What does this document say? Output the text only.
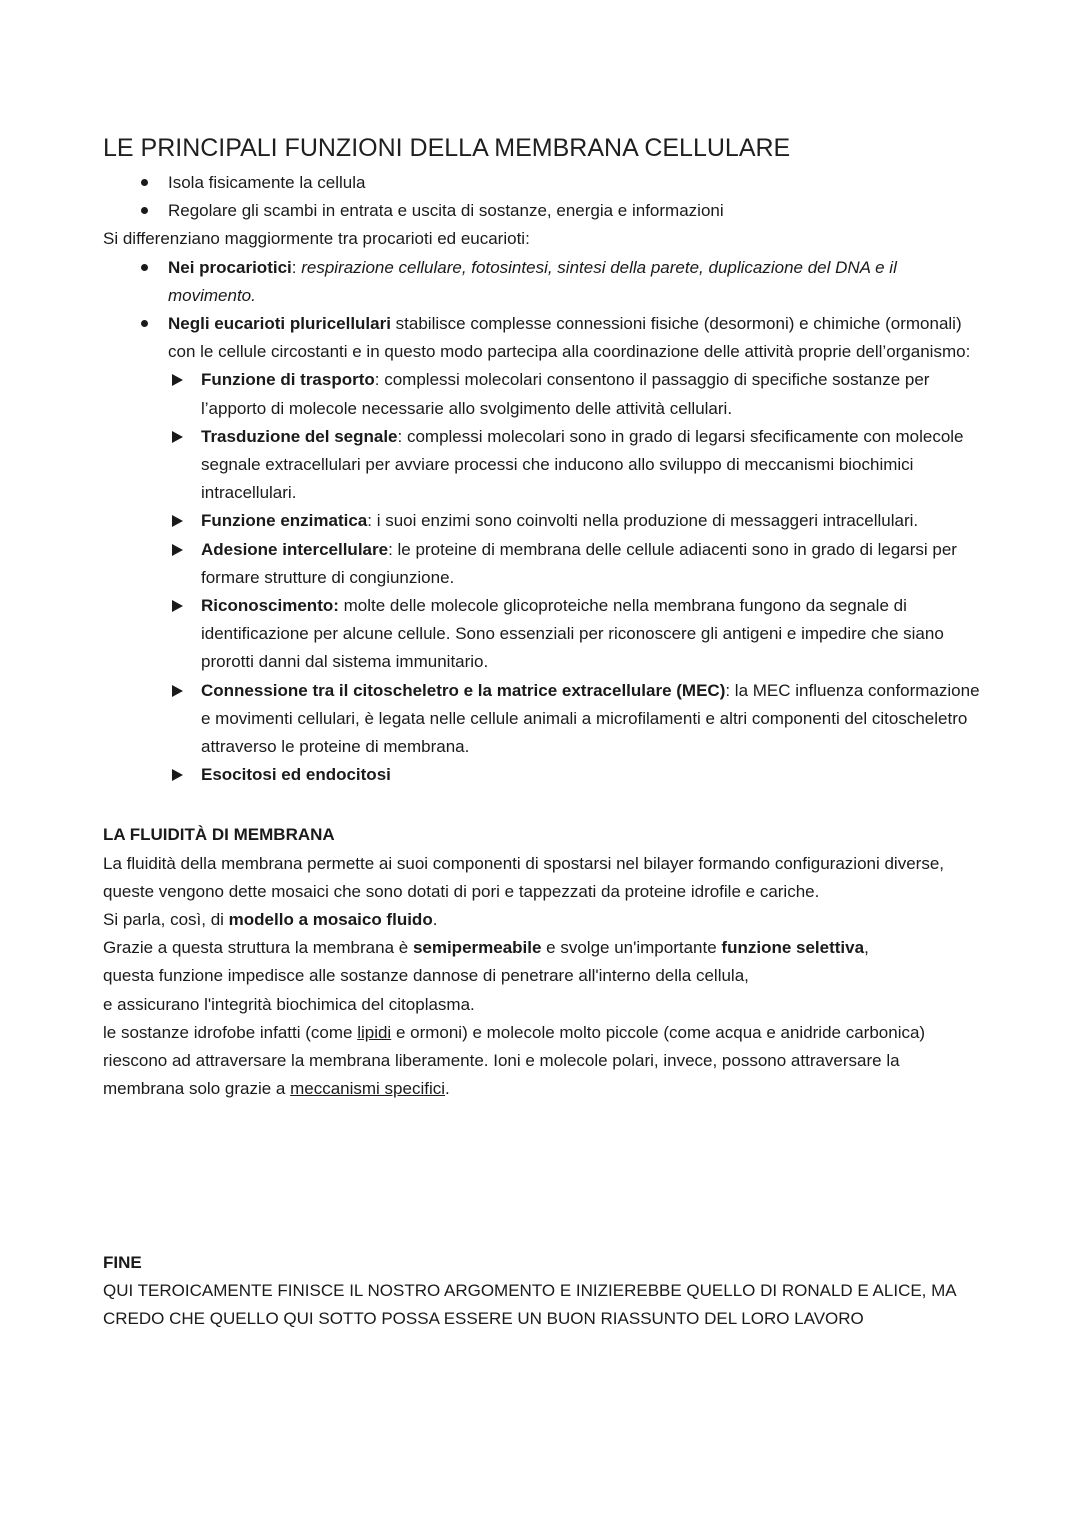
LE PRINCIPALI FUNZIONI DELLA MEMBRANA CELLULARE
Isola fisicamente la cellula
Regolare gli scambi in entrata e uscita di sostanze, energia e informazioni

Si differenziano maggiormente tra procarioti ed eucarioti:

Nei procariotici: respirazione cellulare, fotosintesi, sintesi della parete, duplicazione del DNA e il movimento.
Negli eucarioti pluricellulari stabilisce complesse connessioni fisiche (desormoni) e chimiche (ormonali) con le cellule circostanti e in questo modo partecipa alla coordinazione delle attività proprie dell’organismo:
Funzione di trasporto: complessi molecolari consentono il passaggio di specifiche sostanze per l’apporto di molecole necessarie allo svolgimento delle attività cellulari.
Trasduzione del segnale: complessi molecolari sono in grado di legarsi sfecificamente con molecole segnale extracellulari per avviare processi che inducono allo sviluppo di meccanismi biochimici intracellulari.
Funzione enzimatica: i suoi enzimi sono coinvolti nella produzione di messaggeri intracellulari.
Adesione intercellulare: le proteine di membrana delle cellule adiacenti sono in grado di legarsi per formare strutture di congiunzione.
Riconoscimento: molte delle molecole glicoproteiche nella membrana fungono da segnale di identificazione per alcune cellule. Sono essenziali per riconoscere gli antigeni e impedire che siano prorotti danni dal sistema immunitario.
Connessione tra il citoscheletro e la matrice extracellulare (MEC): la MEC influenza conformazione e movimenti cellulari, è legata nelle cellule animali a microfilamenti e altri componenti del citoscheletro attraverso le proteine di membrana.
Esocitosi ed endocitosi

LA FLUIDITÀ DI MEMBRANA

La fluidità della membrana permette ai suoi componenti di spostarsi nel bilayer formando configurazioni diverse,

queste vengono dette mosaici che sono dotati di pori e tappezzati da proteine idrofile e cariche.

Si parla, così, di modello a mosaico fluido.

Grazie a questa struttura la membrana è semipermeabile e svolge un'importante funzione selettiva,

questa funzione impedisce alle sostanze dannose di penetrare all'interno della cellula,

e assicurano l'integrità biochimica del citoplasma.

le sostanze idrofobe infatti (come lipidi e ormoni) e molecole molto piccole (come acqua e anidride carbonica) riescono ad attraversare la membrana liberamente. Ioni e molecole polari, invece, possono attraversare la membrana solo grazie a meccanismi specifici.

FINE

QUI TEROICAMENTE FINISCE IL NOSTRO ARGOMENTO E INIZIEREBBE QUELLO DI RONALD E ALICE, MA CREDO CHE QUELLO QUI SOTTO POSSA ESSERE UN BUON RIASSUNTO DEL LORO LAVORO
